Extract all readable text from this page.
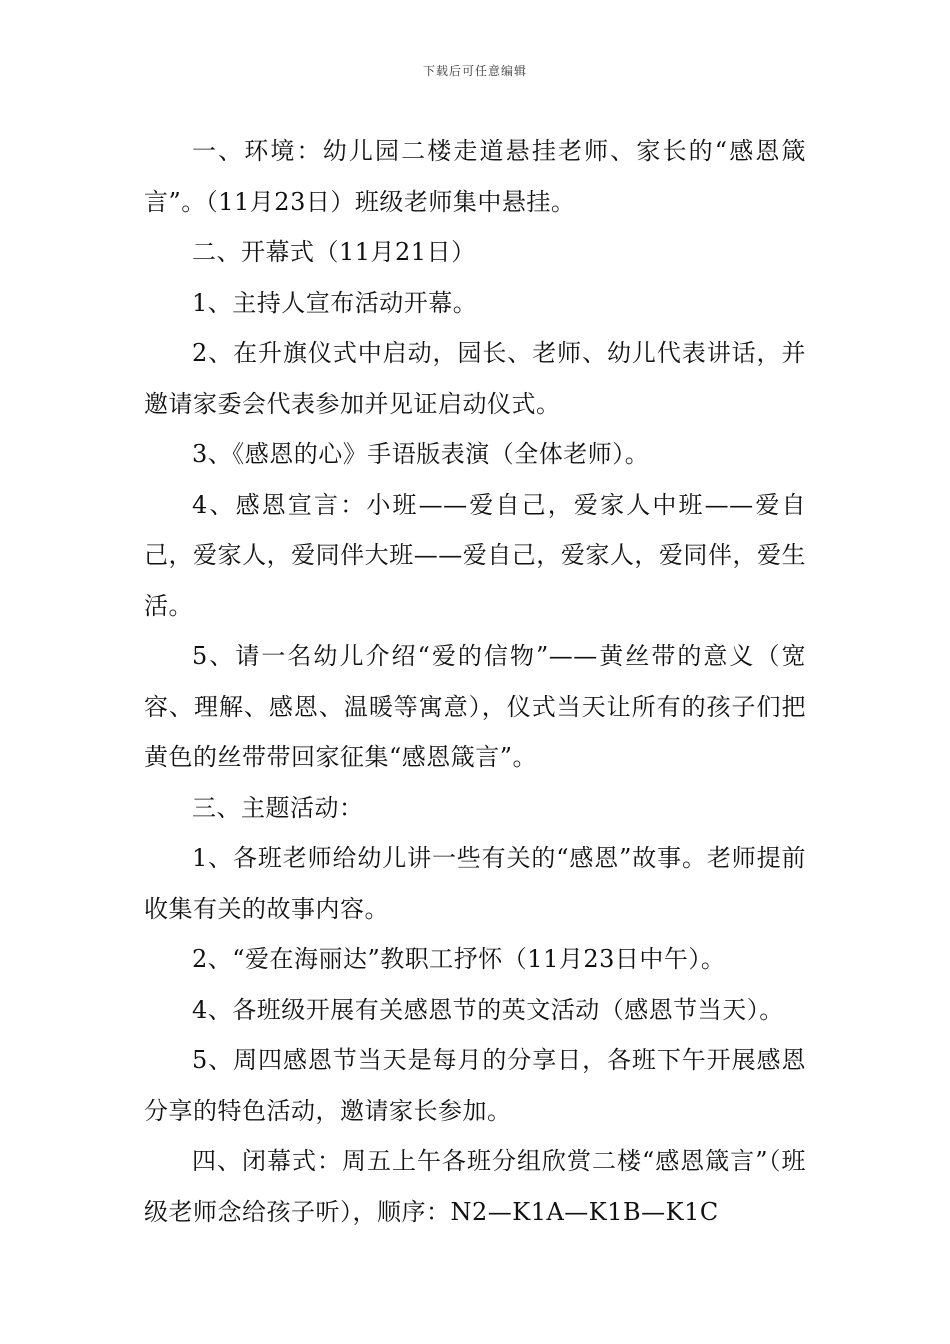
下载后可任意编辑

一、环境：幼儿园二楼走道悬挂老师、家长的“感恩箴言”。（11月23日）班级老师集中悬挂。

二、开幕式（11月21日）

1、主持人宣布活动开幕。

2、在升旗仪式中启动，园长、老师、幼儿代表讲话，并邀请家委会代表参加并见证启动仪式。

3、《感恩的心》手语版表演（全体老师）。

4、感恩宣言：小班——爱自己，爱家人中班——爱自己，爱家人，爱同伴大班——爱自己，爱家人，爱同伴，爱生活。

5、请一名幼儿介绍“爱的信物”——黄丝带的意义（宽容、理解、感恩、温暖等寓意），仪式当天让所有的孩子们把黄色的丝带带回家征集“感恩箴言”。

三、主题活动：

1、各班老师给幼儿讲一些有关的“感恩”故事。老师提前收集有关的故事内容。

2、“爱在海丽达”教职工抒怀（11月23日中午）。

4、各班级开展有关感恩节的英文活动（感恩节当天）。

5、周四感恩节当天是每月的分享日，各班下午开展感恩分享的特色活动，邀请家长参加。

四、闭幕式：周五上午各班分组欣赏二楼“感恩箴言”（班级老师念给孩子听），顺序：N2—K1A—K1B—K1C
